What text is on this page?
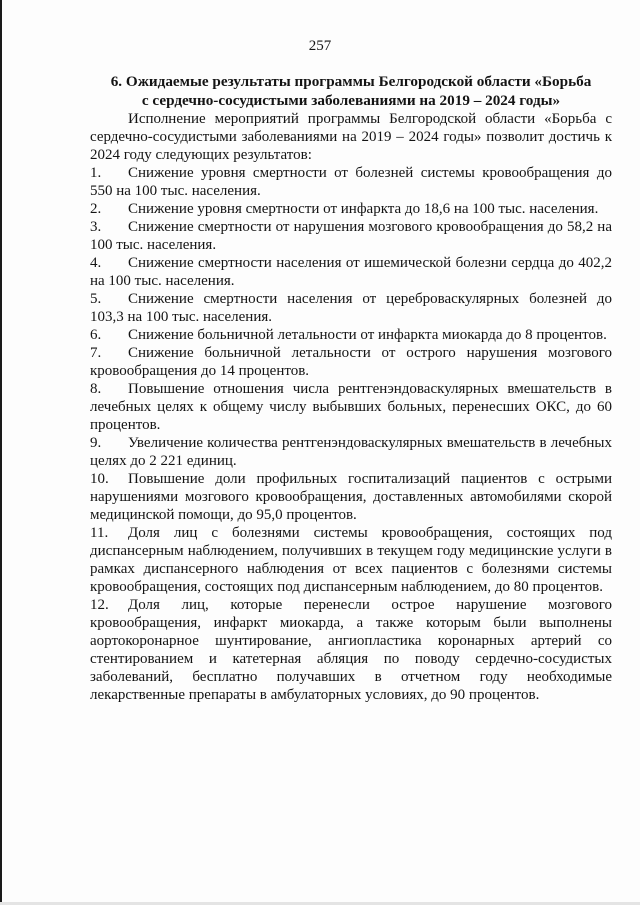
257
6. Ожидаемые результаты программы Белгородской области «Борьба
с сердечно-сосудистыми заболеваниями на 2019 – 2024 годы»

Исполнение мероприятий программы Белгородской области «Борьба с сердечно-сосудистыми заболеваниями на 2019 – 2024 годы» позволит достичь к 2024 году следующих результатов:

1. Снижение уровня смертности от болезней системы кровообращения до 550 на 100 тыс. населения.

2. Снижение уровня смертности от инфаркта до 18,6 на 100 тыс. населения.

3. Снижение смертности от нарушения мозгового кровообращения до 58,2 на 100 тыс. населения.

4. Снижение смертности населения от ишемической болезни сердца до 402,2 на 100 тыс. населения.

5. Снижение смертности населения от цереброваскулярных болезней до 103,3 на 100 тыс. населения.

6. Снижение больничной летальности от инфаркта миокарда до 8 процентов.

7. Снижение больничной летальности от острого нарушения мозгового кровообращения до 14 процентов.

8. Повышение отношения числа рентгенэндоваскулярных вмешательств в лечебных целях к общему числу выбывших больных, перенесших ОКС, до 60 процентов.

9. Увеличение количества рентгенэндоваскулярных вмешательств в лечебных целях до 2 221 единиц.

10. Повышение доли профильных госпитализаций пациентов с острыми нарушениями мозгового кровообращения, доставленных автомобилями скорой медицинской помощи, до 95,0 процентов.

11. Доля лиц с болезнями системы кровообращения, состоящих под диспансерным наблюдением, получивших в текущем году медицинские услуги в рамках диспансерного наблюдения от всех пациентов с болезнями системы кровообращения, состоящих под диспансерным наблюдением, до 80 процентов.

12. Доля лиц, которые перенесли острое нарушение мозгового кровообращения, инфаркт миокарда, а также которым были выполнены аортокоронарное шунтирование, ангиопластика коронарных артерий со стентированием и катетерная абляция по поводу сердечно-сосудистых заболеваний, бесплатно получавших в отчетном году необходимые лекарственные препараты в амбулаторных условиях, до 90 процентов.
